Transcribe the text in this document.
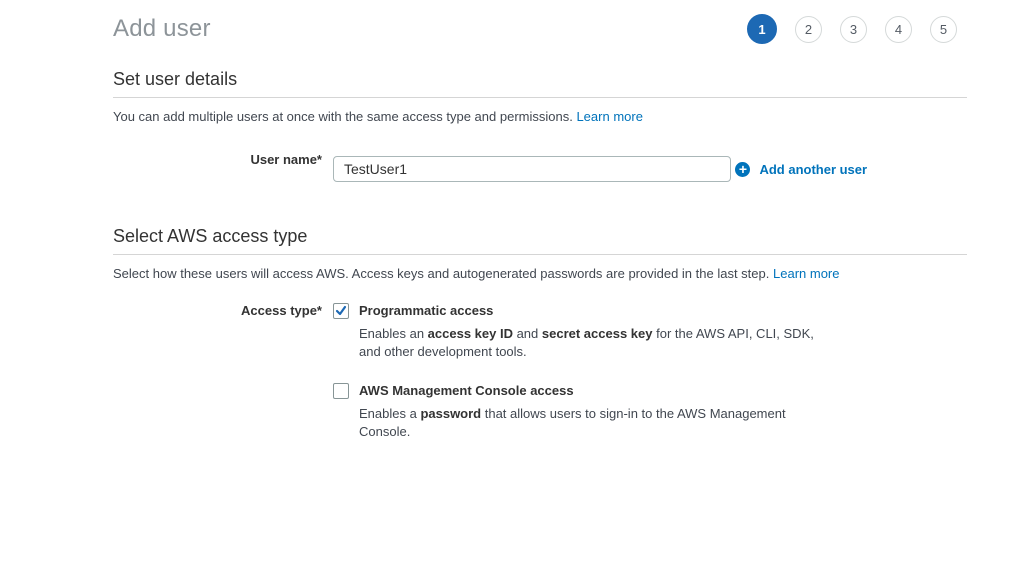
Add user	1	2	3	4	5
Set user details
You can add multiple users at once with the same access type and permissions. Learn more
User name*
TestUser1
+ Add another user
Select AWS access type
Select how these users will access AWS. Access keys and autogenerated passwords are provided in the last step. Learn more
Access type*	Programmatic access
Enables an access key ID and secret access key for the AWS API, CLI, SDK, and other development tools.
AWS Management Console access
Enables a password that allows users to sign-in to the AWS Management Console.
